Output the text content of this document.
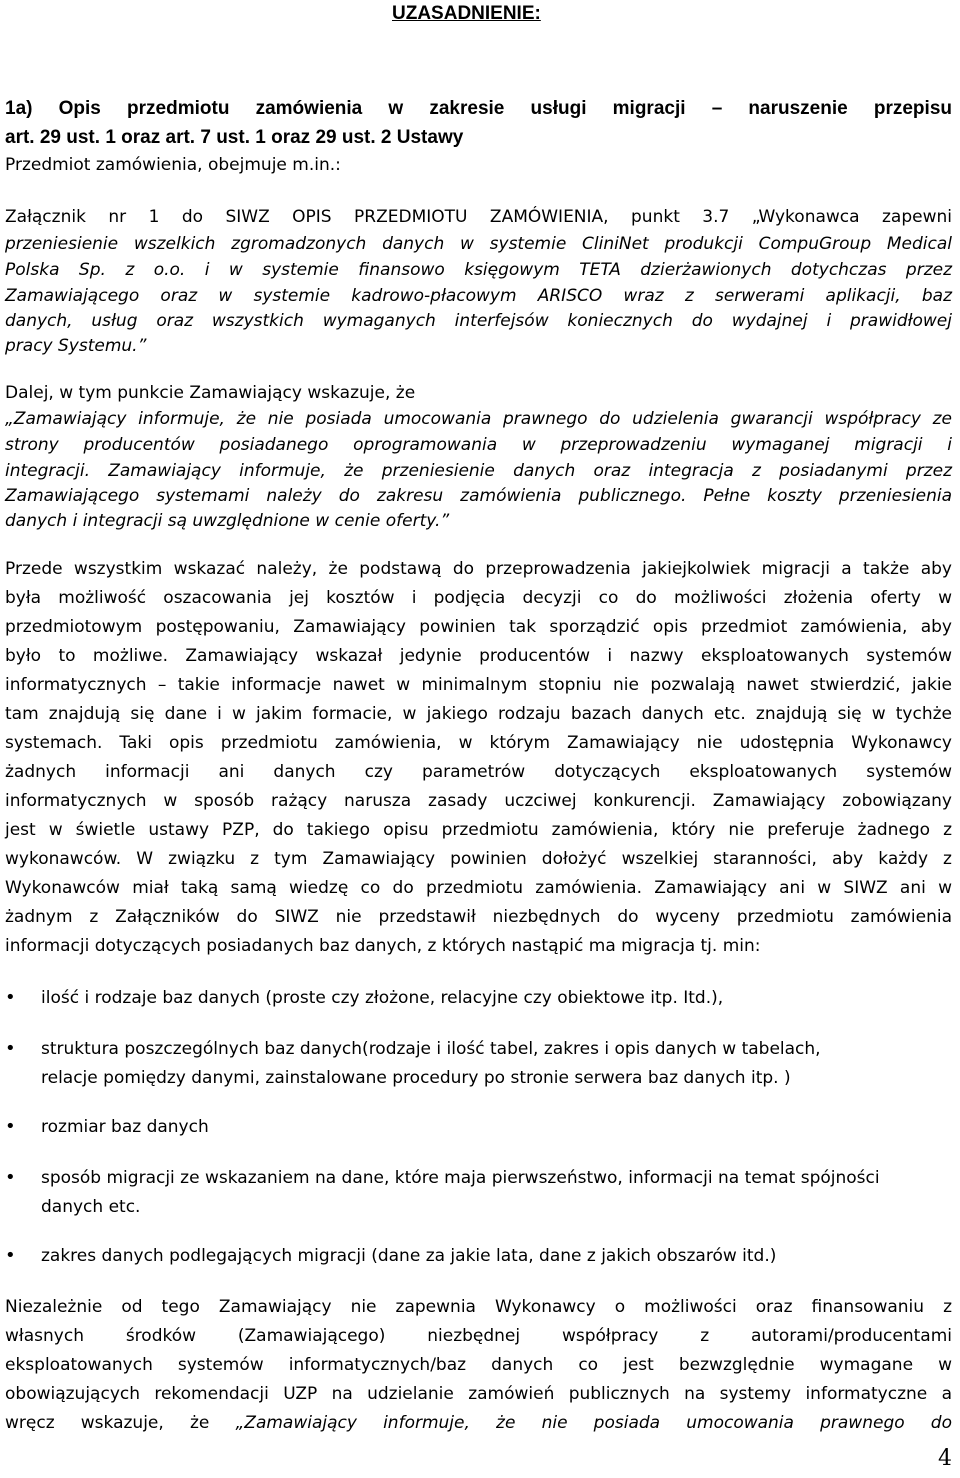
UZASADNIENIE:
1a) Opis przedmiotu zamówienia w zakresie usługi migracji – naruszenie przepisu
art. 29 ust. 1 oraz art. 7 ust. 1 oraz 29 ust. 2 Ustawy
Przedmiot zamówienia, obejmuje m.in.:
Załącznik nr 1 do SIWZ OPIS PRZEDMIOTU ZAMÓWIENIA, punkt 3.7 „Wykonawca zapewni
przeniesienie wszelkich zgromadzonych danych w systemie CliniNet produkcji CompuGroup Medical
Polska Sp. z o.o. i w systemie finansowo księgowym TETA dzierżawionych dotychczas przez
Zamawiającego oraz w systemie kadrowo-płacowym ARISCO wraz z serwerami aplikacji, baz
danych, usług oraz wszystkich wymaganych interfejsów koniecznych do wydajnej i prawidłowej
pracy Systemu.”
Dalej, w tym punkcie Zamawiający wskazuje, że
„Zamawiający informuje, że nie posiada umocowania prawnego do udzielenia gwarancji współpracy ze
strony producentów posiadanego oprogramowania w przeprowadzeniu wymaganej migracji i
integracji. Zamawiający informuje, że przeniesienie danych oraz integracja z posiadanymi przez
Zamawiającego systemami należy do zakresu zamówienia publicznego. Pełne koszty przeniesienia
danych i integracji są uwzględnione w cenie oferty.”
Przede wszystkim wskazać należy, że podstawą do przeprowadzenia jakiejkolwiek migracji a także aby
była możliwość oszacowania jej kosztów i podjęcia decyzji co do możliwości złożenia oferty w
przedmiotowym postępowaniu, Zamawiający powinien tak sporządzić opis przedmiot zamówienia, aby
było to możliwe. Zamawiający wskazał jedynie producentów i nazwy eksploatowanych systemów
informatycznych – takie informacje nawet w minimalnym stopniu nie pozwalają nawet stwierdzić, jakie
tam znajdują się dane i w jakim formacie, w jakiego rodzaju bazach danych etc. znajdują się w tychże
systemach. Taki opis przedmiotu zamówienia, w którym Zamawiający nie udostępnia Wykonawcy
żadnych informacji ani danych czy parametrów dotyczących eksploatowanych systemów
informatycznych w sposób rażący narusza zasady uczciwej konkurencji. Zamawiający zobowiązany
jest w świetle ustawy PZP, do takiego opisu przedmiotu zamówienia, który nie preferuje żadnego z
wykonawców. W związku z tym Zamawiający powinien dołożyć wszelkiej staranności, aby każdy z
Wykonawców miał taką samą wiedzę co do przedmiotu zamówienia. Zamawiający ani w SIWZ ani w
żadnym z Załączników do SIWZ nie przedstawił niezbędnych do wyceny przedmiotu zamówienia
informacji dotyczących posiadanych baz danych, z których nastąpić ma migracja tj. min:
• ilość i rodzaje baz danych (proste czy złożone, relacyjne czy obiektowe itp. Itd.),
• struktura poszczególnych baz danych(rodzaje i ilość tabel, zakres i opis danych w tabelach,
relacje pomiędzy danymi, zainstalowane procedury po stronie serwera baz danych itp. )
• rozmiar baz danych
• sposób migracji ze wskazaniem na dane, które maja pierwszeństwo, informacji na temat spójności
danych etc.
• zakres danych podlegających migracji (dane za jakie lata, dane z jakich obszarów itd.)
Niezależnie od tego Zamawiający nie zapewnia Wykonawcy o możliwości oraz finansowaniu z
własnych środków (Zamawiającego) niezbędnej współpracy z autorami/producentami
eksploatowanych systemów informatycznych/baz danych co jest bezwzględnie wymagane w
obowiązujących rekomendacji UZP na udzielanie zamówień publicznych na systemy informatyczne a
wręcz wskazuje, że „Zamawiający informuje, że nie posiada umocowania prawnego do
4
